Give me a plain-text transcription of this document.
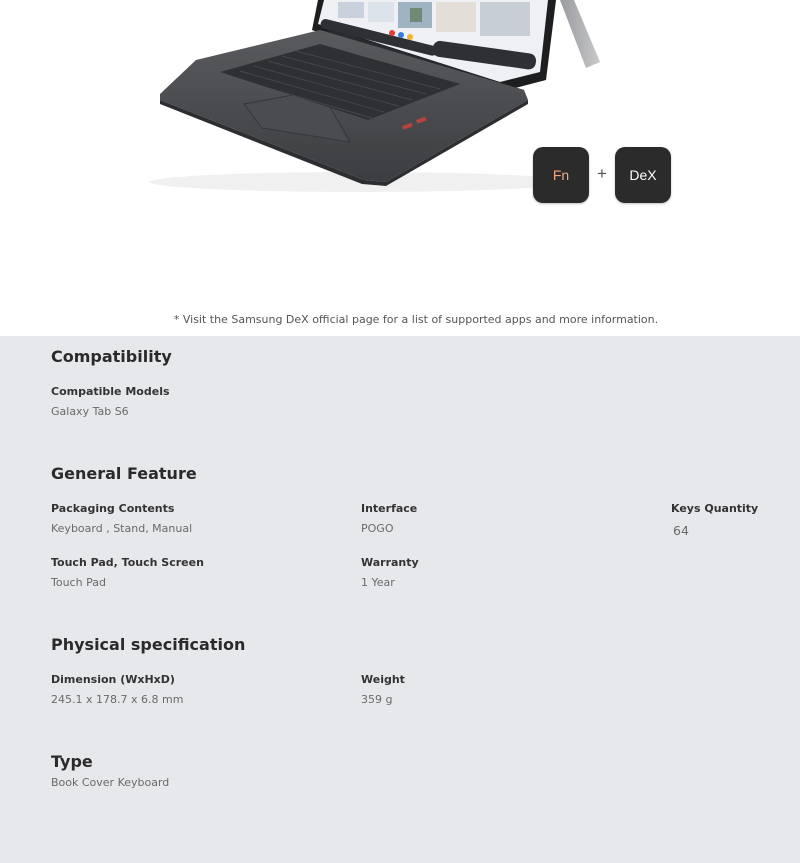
Fn + DeX
* Visit the Samsung DeX official page for a list of supported apps and more information.
Compatibility

Compatible Models

Galaxy Tab S6

General Feature

Packaging Contents

Keyboard , Stand, Manual

Interface

POGO

Keys Quantity

64

Touch Pad, Touch Screen

Touch Pad

Warranty

1 Year

Physical specification

Dimension (WxHxD)

245.1 x 178.7 x 6.8 mm

Weight

359 g

Type

Book Cover Keyboard
